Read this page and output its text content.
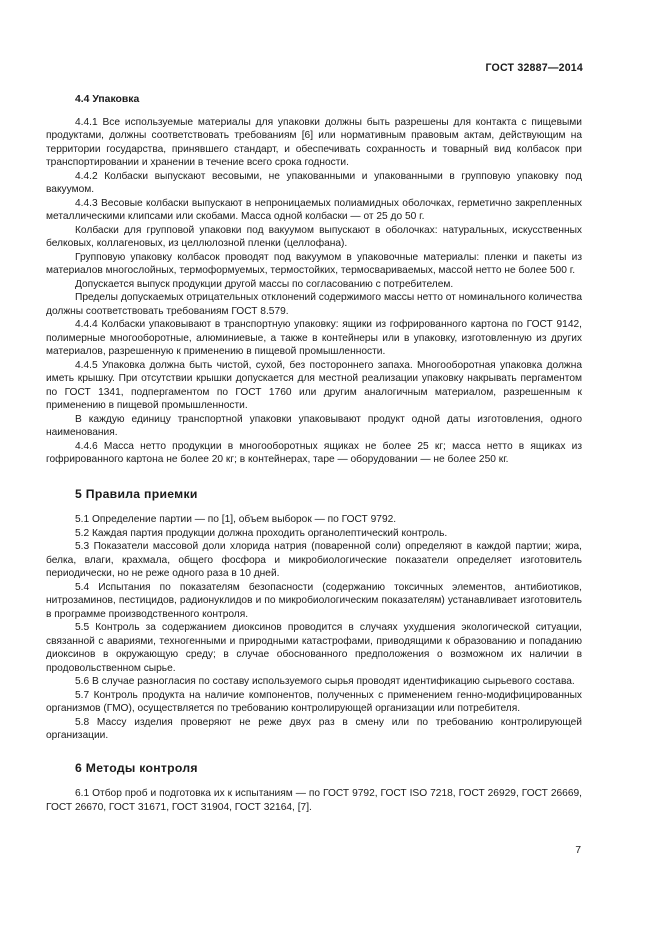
ГОСТ 32887—2014
4.4 Упаковка

4.4.1 Все используемые материалы для упаковки должны быть разрешены для контакта с пищевыми продуктами, должны соответствовать требованиям [6] или нормативным правовым актам, действующим на территории государства, принявшего стандарт, и обеспечивать сохранность и товарный вид колбасок при транспортировании и хранении в течение всего срока годности.

4.4.2 Колбаски выпускают весовыми, не упакованными и упакованными в групповую упаковку под вакуумом.

4.4.3 Весовые колбаски выпускают в непроницаемых полиамидных оболочках, герметично закрепленных металлическими клипсами или скобами. Масса одной колбаски — от 25 до 50 г.

Колбаски для групповой упаковки под вакуумом выпускают в оболочках: натуральных, искусственных белковых, коллагеновых, из целлюлозной пленки (целлофана).

Групповую упаковку колбасок проводят под вакуумом в упаковочные материалы: пленки и пакеты из материалов многослойных, термоформуемых, термостойких, термосвариваемых, массой нетто не более 500 г.

Допускается выпуск продукции другой массы по согласованию с потребителем.

Пределы допускаемых отрицательных отклонений содержимого массы нетто от номинального количества должны соответствовать требованиям ГОСТ 8.579.

4.4.4 Колбаски упаковывают в транспортную упаковку: ящики из гофрированного картона по ГОСТ 9142, полимерные многооборотные, алюминиевые, а также в контейнеры или в упаковку, изготовленную из других материалов, разрешенную к применению в пищевой промышленности.

4.4.5 Упаковка должна быть чистой, сухой, без постороннего запаха. Многооборотная упаковка должна иметь крышку. При отсутствии крышки допускается для местной реализации упаковку накрывать пергаментом по ГОСТ 1341, подпергаментом по ГОСТ 1760 или другим аналогичным материалом, разрешенным к применению в пищевой промышленности.

В каждую единицу транспортной упаковки упаковывают продукт одной даты изготовления, одного наименования.

4.4.6 Масса нетто продукции в многооборотных ящиках не более 25 кг; масса нетто в ящиках из гофрированного картона не более 20 кг; в контейнерах, таре — оборудовании — не более 250 кг.

5 Правила приемки

5.1 Определение партии — по [1], объем выборок — по ГОСТ 9792.

5.2 Каждая партия продукции должна проходить органолептический контроль.

5.3 Показатели массовой доли хлорида натрия (поваренной соли) определяют в каждой партии; жира, белка, влаги, крахмала, общего фосфора и микробиологические показатели определяет изготовитель периодически, но не реже одного раза в 10 дней.

5.4 Испытания по показателям безопасности (содержанию токсичных элементов, антибиотиков, нитрозаминов, пестицидов, радионуклидов и по микробиологическим показателям) устанавливает изготовитель в программе производственного контроля.

5.5 Контроль за содержанием диоксинов проводится в случаях ухудшения экологической ситуации, связанной с авариями, техногенными и природными катастрофами, приводящими к образованию и попаданию диоксинов в окружающую среду; в случае обоснованного предположения о возможном их наличии в продовольственном сырье.

5.6 В случае разногласия по составу используемого сырья проводят идентификацию сырьевого состава.

5.7 Контроль продукта на наличие компонентов, полученных с применением генно-модифицированных организмов (ГМО), осуществляется по требованию контролирующей организации или потребителя.

5.8 Массу изделия проверяют не реже двух раз в смену или по требованию контролирующей организации.

6 Методы контроля

6.1 Отбор проб и подготовка их к испытаниям — по ГОСТ 9792, ГОСТ ISO 7218, ГОСТ 26929, ГОСТ 26669, ГОСТ 26670, ГОСТ 31671, ГОСТ 31904, ГОСТ 32164, [7].

7
